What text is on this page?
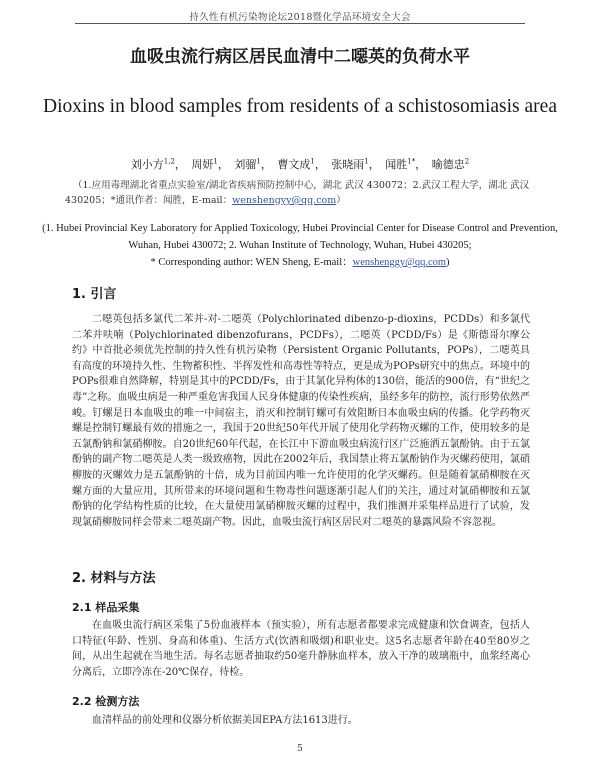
持久性有机污染物论坛2018暨化学品环境安全大会
血吸虫流行病区居民血清中二噁英的负荷水平
Dioxins in blood samples from residents of a schistosomiasis area
刘小方$^{1,2}$， 周妍$^1$， 刘骝$^1$， 曹文成$^1$， 张晓雨$^1$， 闻胜$^{1*}$， 喻德忠$^2$
（1.应用毒理湖北省重点实验室/湖北省疾病预防控制中心，湖北 武汉 430072；2.武汉工程大学，湖北 武汉 430205；*通讯作者：闻胜，E-mail：wenshengyy@qq.com）
(1. Hubei Provincial Key Laboratory for Applied Toxicology, Hubei Provincial Center for Disease Control and Prevention, Wuhan, Hubei 430072; 2. Wuhan Institute of Technology, Wuhan, Hubei 430205;
* Corresponding author: WEN Sheng, E-mail：wenshenggy@qq.com)
1. 引言
二噁英包括多氯代二苯并-对-二噁英（Polychlorinated dibenzo-p-dioxins，PCDDs）和多氯代二苯并呋喃（Polychlorinated dibenzofurans，PCDFs），二噁英（PCDD/Fs）是《斯德哥尔摩公约》中首批必须优先控制的持久性有机污染物（Persistent Organic Pollutants，POPs），二噁英具有高度的环境持久性、生物蓄积性、半挥发性和高毒性等特点，更是成为POPs研究中的焦点。环境中的POPs很难自然降解，特别是其中的PCDD/Fs，由于其氯化异构体的130倍，能活的900倍，有“世纪之毒”之称。血吸虫病是一种严重危害我国人民身体健康的传染性疾病，虽经多年的防控，流行形势依然严峻。钉螺是日本血吸虫的唯一中间宿主，消灭和控制钉螺可有效阻断日本血吸虫病的传播。化学药物灭螺是控制钉螺最有效的措施之一，我国于20世纪50年代开展了使用化学药物灭螺的工作，使用较多的是五氯酚钠和氯硝柳胺。自20世纪60年代起，在长江中下游血吸虫病流行区广泛施洒五氯酚钠。由于五氯酚钠的副产物二噁英是人类一级致癌物，因此在2002年后，我国禁止将五氯酚钠作为灭螺药使用，氯硝柳胺的灭螺效力是五氯酚钠的十倍，成为目前国内唯一允许使用的化学灭螺药。但是随着氯硝柳胺在灭螺方面的大量应用，其所带来的环境问题和生物毒性问题逐渐引起人们的关注，通过对氯硝柳胺和五氯酚钠的化学结构性质的比较，在大量使用氯硝柳胺灭螺的过程中，我们推测并采集样品进行了试验，发现氯硝柳胺同样会带来二噁英副产物。因此，血吸虫流行病区居民对二噁英的暴露风险不容忽视。
2. 材料与方法
2.1 样品采集
在血吸虫流行病区采集了5份血液样本（预实验），所有志愿者都要求完成健康和饮食调查，包括人口特征(年龄、性别、身高和体重)、生活方式(饮酒和吸烟)和职业史。这5名志愿者年龄在40至80岁之间，从出生起就在当地生活。每名志愿者抽取约50毫升静脉血样本，放入干净的玻璃瓶中，血浆经离心分离后，立即冷冻在-20℃保存，待检。
2.2 检测方法
血清样品的前处理和仪器分析依据美国EPA方法1613进行。
5
